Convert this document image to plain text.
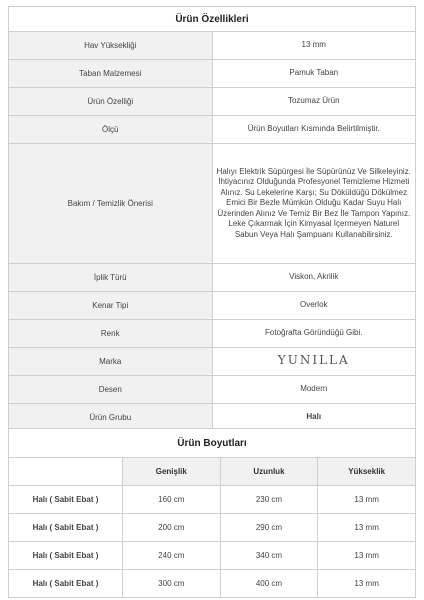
Ürün Özellikleri	
Hav Yüksekliği	13 mm
Taban Malzemesi	Pamuk Taban
Ürün Özelliği	Tozumaz Ürün
Ölçü	Ürün Boyutları Kısmında Belirtilmiştir.
Bakım / Temizlik Önerisi	Halıyı Elektrik Süpürgesi İle Süpürünüz Ve Silkeleyiniz. İhtiyacınız Olduğunda Profesyonel Temizleme Hizmeti Alınız. Su Lekelerine Karşı; Su Döküldüğü Dökülmez Emici Bir Bezle Mümkün Olduğu Kadar Suyu Halı Üzerinden Alınız Ve Temiz Bir Bez İle Tampon Yapınız. Leke Çıkarmak İçin Kimyasal İçermeyen Naturel Sabun Veya Halı Şampuanı Kullanabilirsiniz.
İplik Türü	Viskon, Akrilik
Kenar Tipi	Overlok
Renk	Fotoğrafta Göründüğü Gibi.
Marka	YUNILLA
Desen	Modern
Ürün Grubu	Halı
Ürün Boyutları			
	Genişlik	Uzunluk	Yükseklik
Halı ( Sabit Ebat )	160 cm	230 cm	13 mm
Halı ( Sabit Ebat )	200 cm	290 cm	13 mm
Halı ( Sabit Ebat )	240 cm	340 cm	13 mm
Halı ( Sabit Ebat )	300 cm	400 cm	13 mm
